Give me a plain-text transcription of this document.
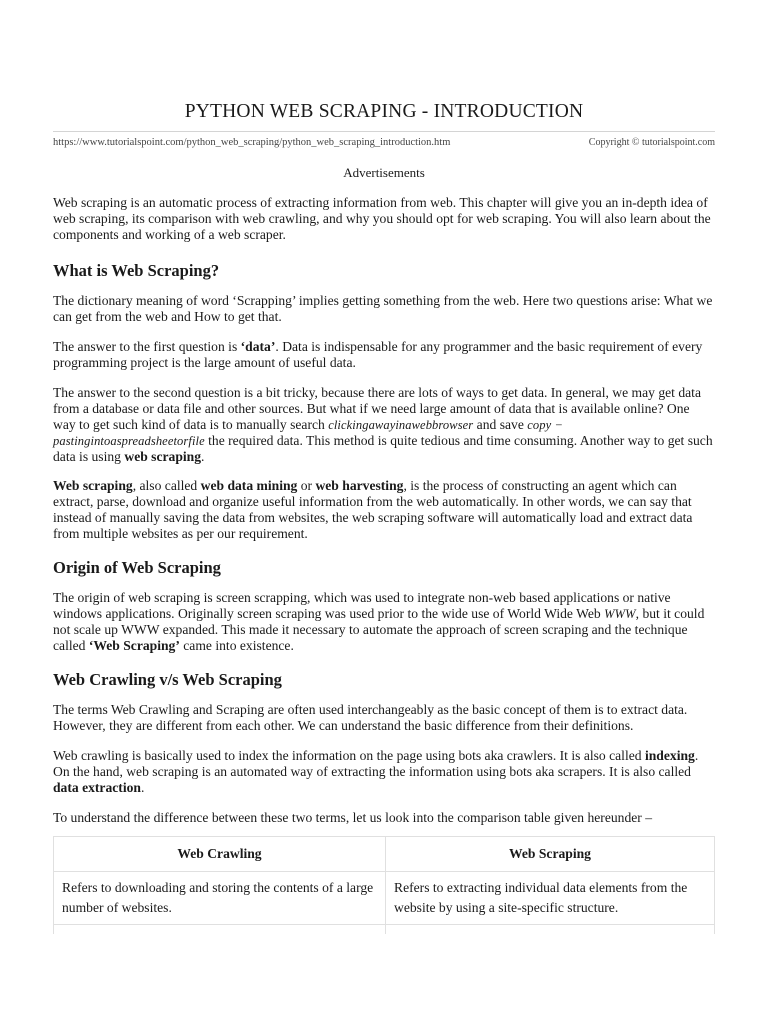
PYTHON WEB SCRAPING - INTRODUCTION
https://www.tutorialspoint.com/python_web_scraping/python_web_scraping_introduction.htm	Copyright © tutorialspoint.com
Advertisements

Web scraping is an automatic process of extracting information from web. This chapter will give you an in-depth idea of web scraping, its comparison with web crawling, and why you should opt for web scraping. You will also learn about the components and working of a web scraper.

What is Web Scraping?

The dictionary meaning of word ‘Scrapping’ implies getting something from the web. Here two questions arise: What we can get from the web and How to get that.

The answer to the first question is ‘data’. Data is indispensable for any programmer and the basic requirement of every programming project is the large amount of useful data.

The answer to the second question is a bit tricky, because there are lots of ways to get data. In general, we may get data from a database or data file and other sources. But what if we need large amount of data that is available online? One way to get such kind of data is to manually search clickingawayinawebbrowser and save copy − pastingintoaspreadsheetorfile the required data. This method is quite tedious and time consuming. Another way to get such data is using web scraping.

Web scraping, also called web data mining or web harvesting, is the process of constructing an agent which can extract, parse, download and organize useful information from the web automatically. In other words, we can say that instead of manually saving the data from websites, the web scraping software will automatically load and extract data from multiple websites as per our requirement.

Origin of Web Scraping

The origin of web scraping is screen scrapping, which was used to integrate non-web based applications or native windows applications. Originally screen scraping was used prior to the wide use of World Wide Web WWW, but it could not scale up WWW expanded. This made it necessary to automate the approach of screen scraping and the technique called ‘Web Scraping’ came into existence.

Web Crawling v/s Web Scraping

The terms Web Crawling and Scraping are often used interchangeably as the basic concept of them is to extract data. However, they are different from each other. We can understand the basic difference from their definitions.

Web crawling is basically used to index the information on the page using bots aka crawlers. It is also called indexing. On the hand, web scraping is an automated way of extracting the information using bots aka scrapers. It is also called data extraction.

To understand the difference between these two terms, let us look into the comparison table given hereunder –

Web Crawling	Web Scraping
Refers to downloading and storing the contents of a large number of websites.	Refers to extracting individual data elements from the website by using a site-specific structure.
